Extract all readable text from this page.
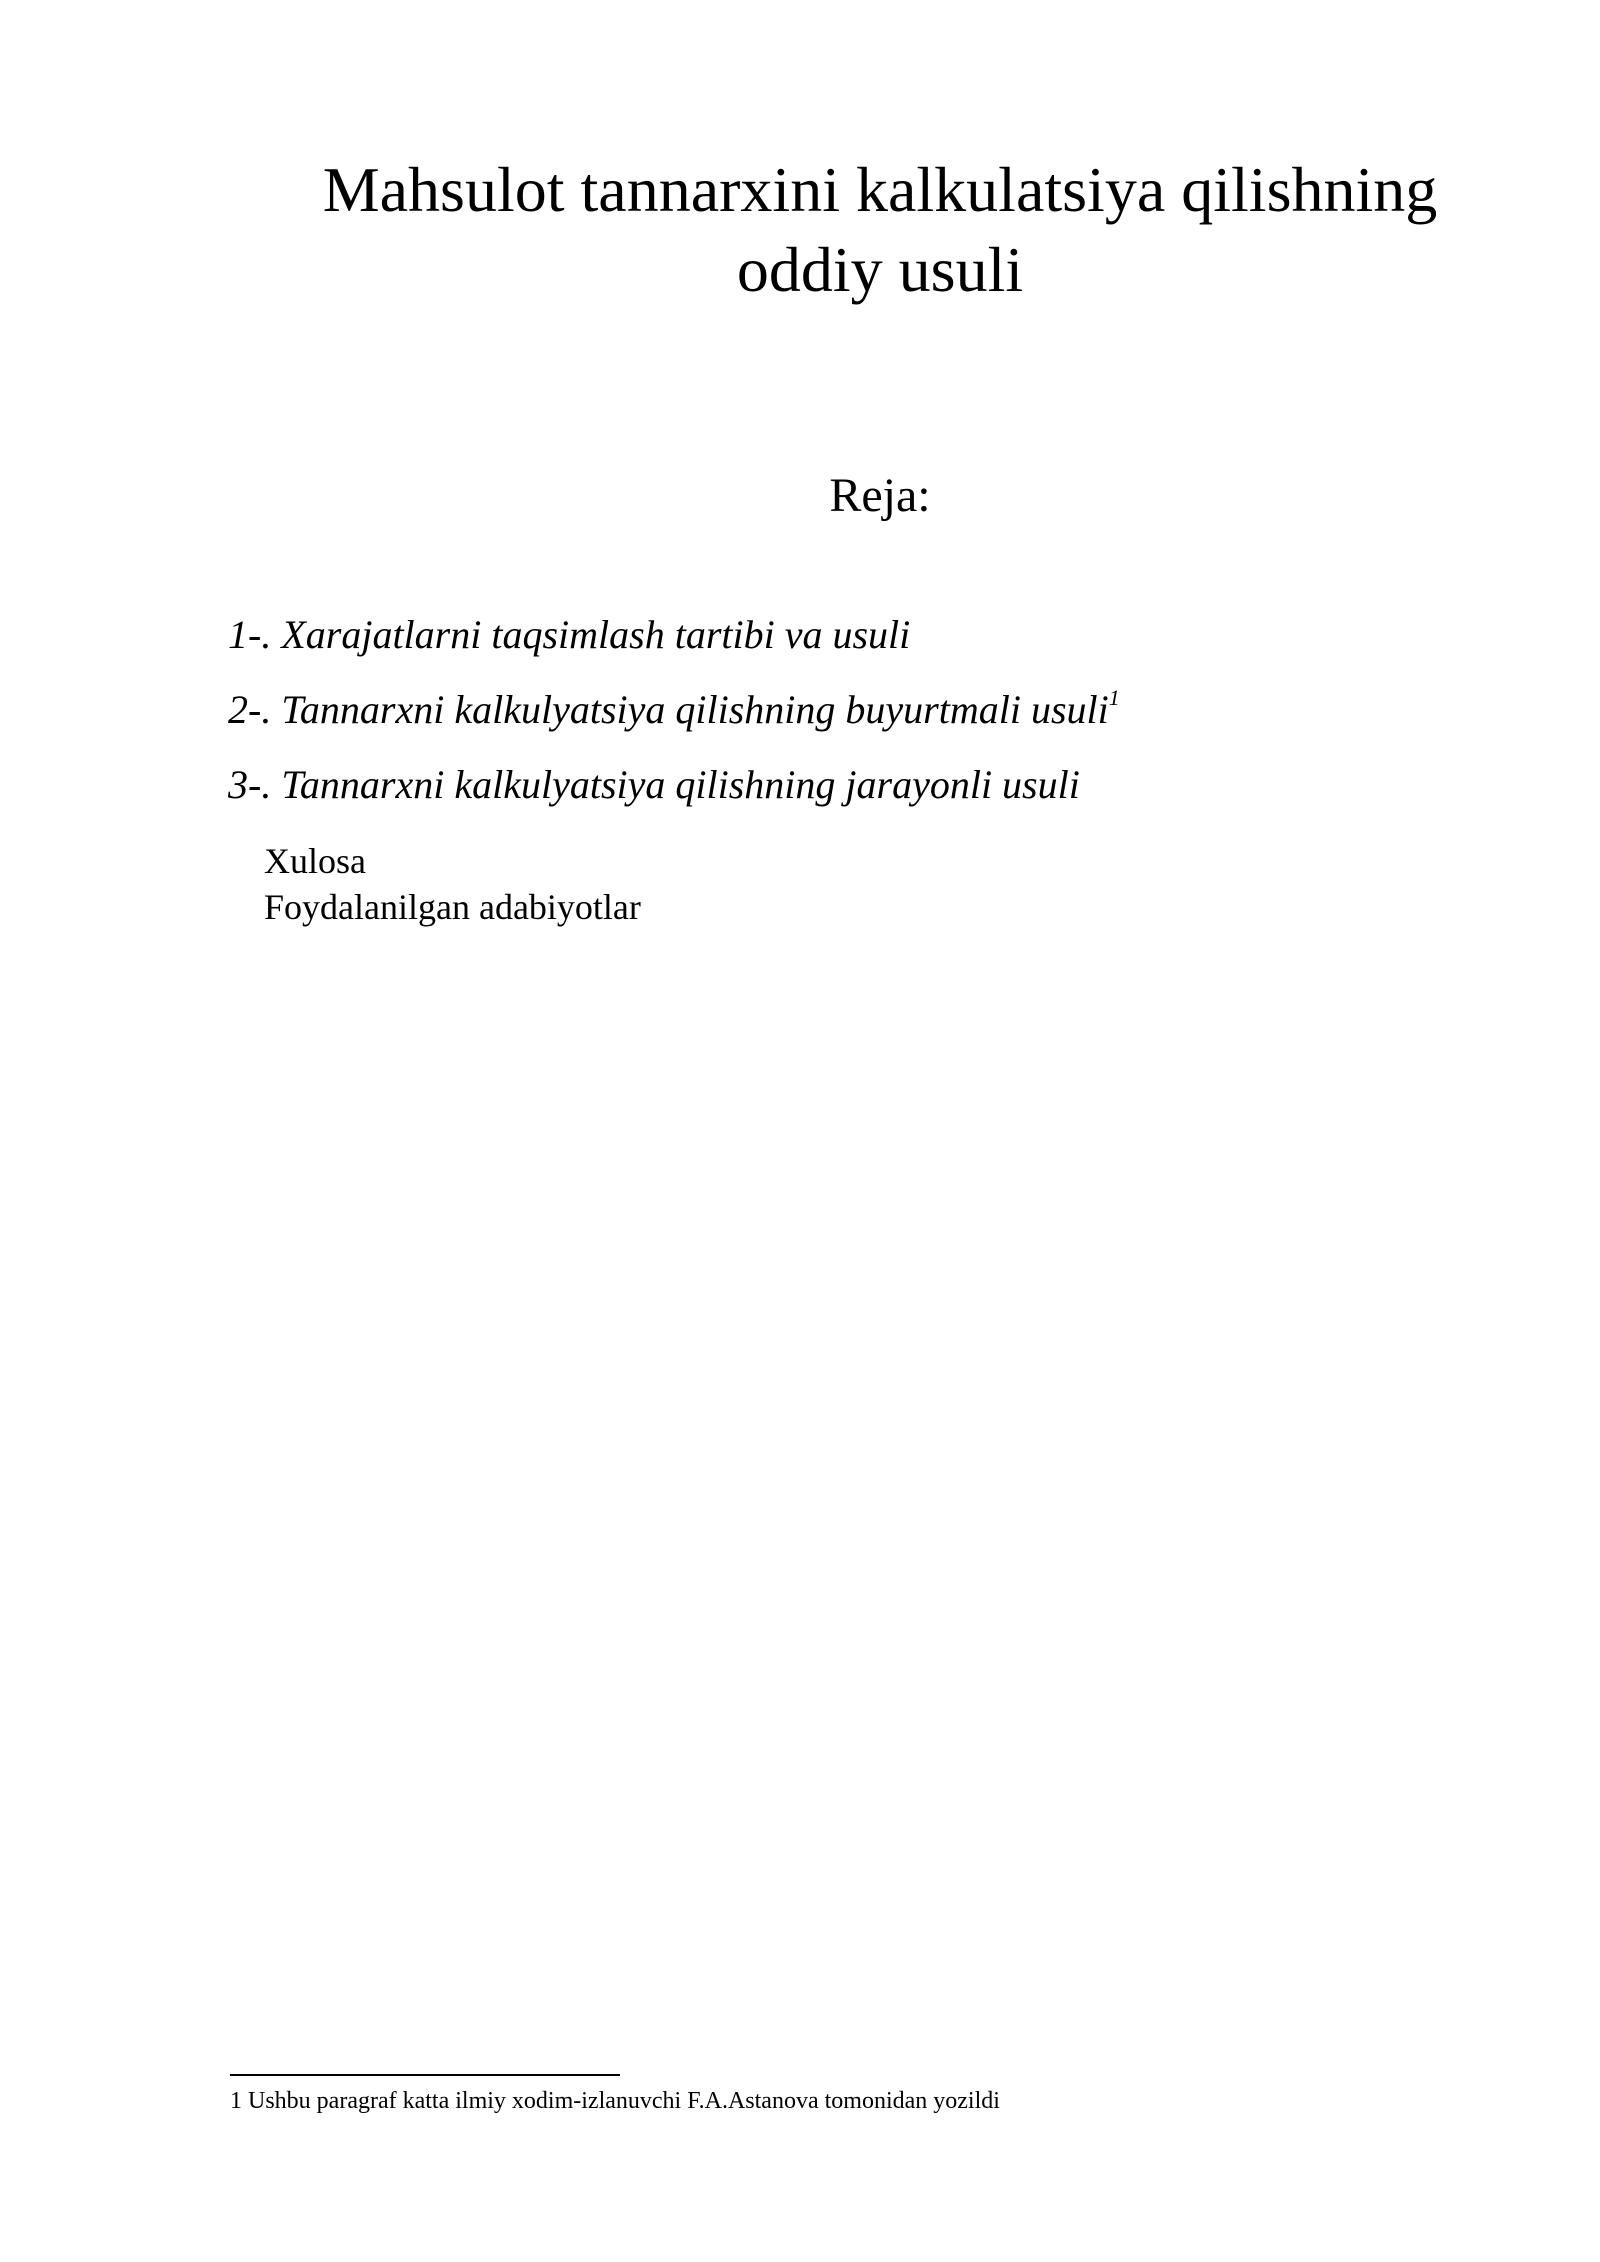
Mahsulot tannarxini kalkulatsiya qilishning oddiy usuli
Reja:
1-. Xarajatlarni taqsimlash tartibi va usuli
2-. Tannarxni kalkulyatsiya qilishning buyurtmali usuli$^1$
3-. Tannarxni kalkulyatsiya qilishning jarayonli usuli
Xulosa
Foydalanilgan adabiyotlar
1 Ushbu paragraf katta ilmiy xodim-izlanuvchi F.A.Astanova tomonidan yozildi
